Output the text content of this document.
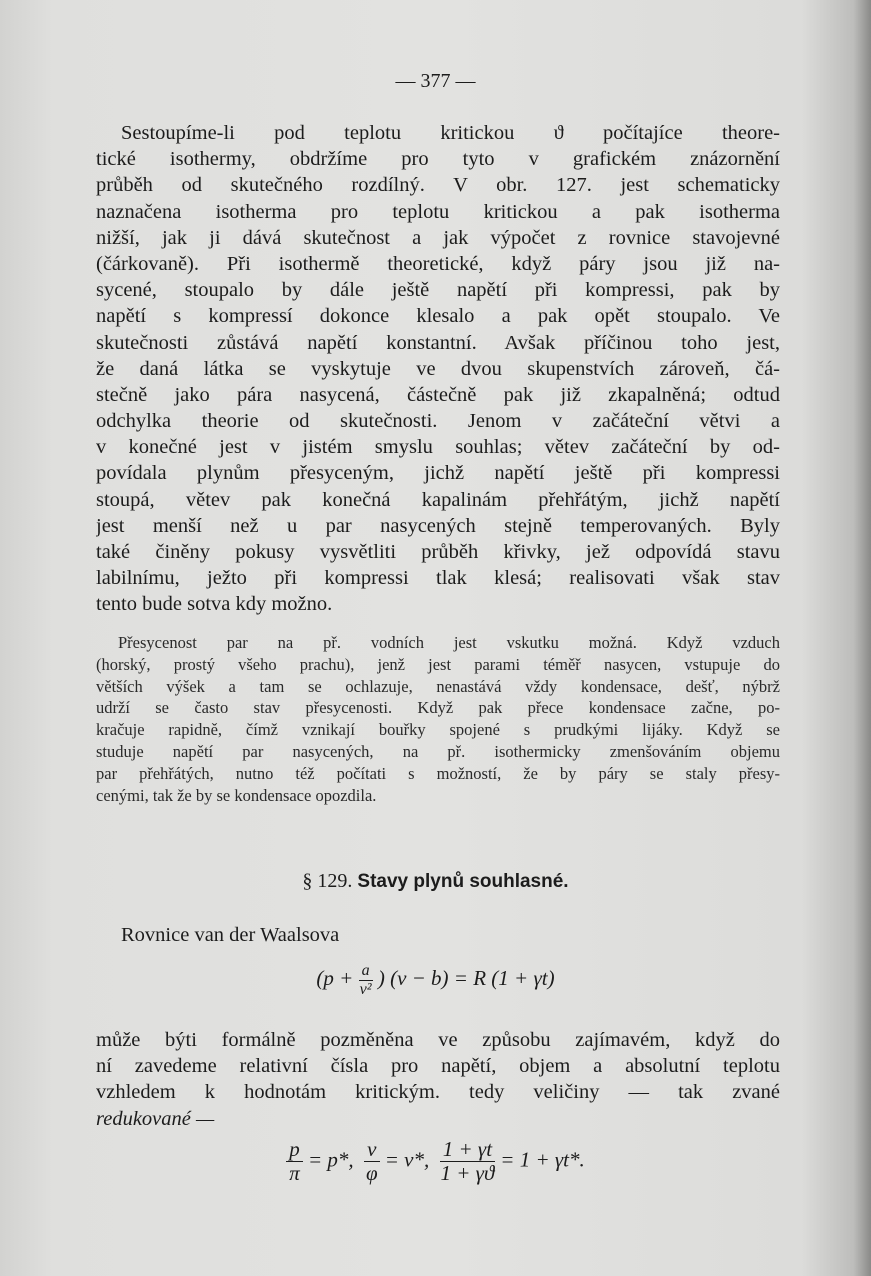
— 377 —
Sestoupíme-li pod teplotu kritickou ϑ počítajíce theore-
tické isothermy, obdržíme pro tyto v grafickém znázornění
průběh od skutečného rozdílný. V obr. 127. jest schematicky
naznačena isotherma pro teplotu kritickou a pak isotherma
nižší, jak ji dává skutečnost a jak výpočet z rovnice stavojevné
(čárkovaně). Při isothermě theoretické, když páry jsou již na-
sycené, stoupalo by dále ještě napětí při kompressi, pak by
napětí s kompressí dokonce klesalo a pak opět stoupalo. Ve
skutečnosti zůstává napětí konstantní. Avšak příčinou toho jest,
že daná látka se vyskytuje ve dvou skupenstvích zároveň, čá-
stečně jako pára nasycená, částečně pak již zkapalněná; odtud
odchylka theorie od skutečnosti. Jenom v začáteční větvi a
v konečné jest v jistém smyslu souhlas; větev začáteční by od-
povídala plynům přesyceným, jichž napětí ještě při kompressi
stoupá, větev pak konečná kapalinám přehřátým, jichž napětí
jest menší než u par nasycených stejně temperovaných. Byly
také činěny pokusy vysvětliti průběh křivky, jež odpovídá stavu
labilnímu, ježto při kompressi tlak klesá; realisovati však stav
tento bude sotva kdy možno.
Přesycenost par na př. vodních jest vskutku možná. Když vzduch
(horský, prostý všeho prachu), jenž jest parami téměř nasycen, vstupuje do
větších výšek a tam se ochlazuje, nenastává vždy kondensace, dešť, nýbrž
udrží se často stav přesycenosti. Když pak přece kondensace začne, po-
kračuje rapidně, čímž vznikají bouřky spojené s prudkými lijáky. Když se
studuje napětí par nasycených, na př. isothermicky zmenšováním objemu
par přehřátých, nutno též počítati s možností, že by páry se staly přesy-
cenými, tak že by se kondensace opozdila.
§ 129. Stavy plynů souhlasné.
Rovnice van der Waalsova
($p + \frac{a}{\text{v²}}$ ) (v − b) = R (1 + γt)
může býti formálně pozměněna ve způsobu zajímavém, když do
ní zavedeme relativní čísla pro napětí, objem a absolutní teplotu
vzhledem k hodnotám kritickým. tedy veličiny — tak zvané
redukované —
$\frac{p}{\pi} = p*$, $\frac{v}{\varphi} = v*$, $\frac{1 + \gamma t}{1 + \gamma ϑ} = 1 + \gamma t*$.
